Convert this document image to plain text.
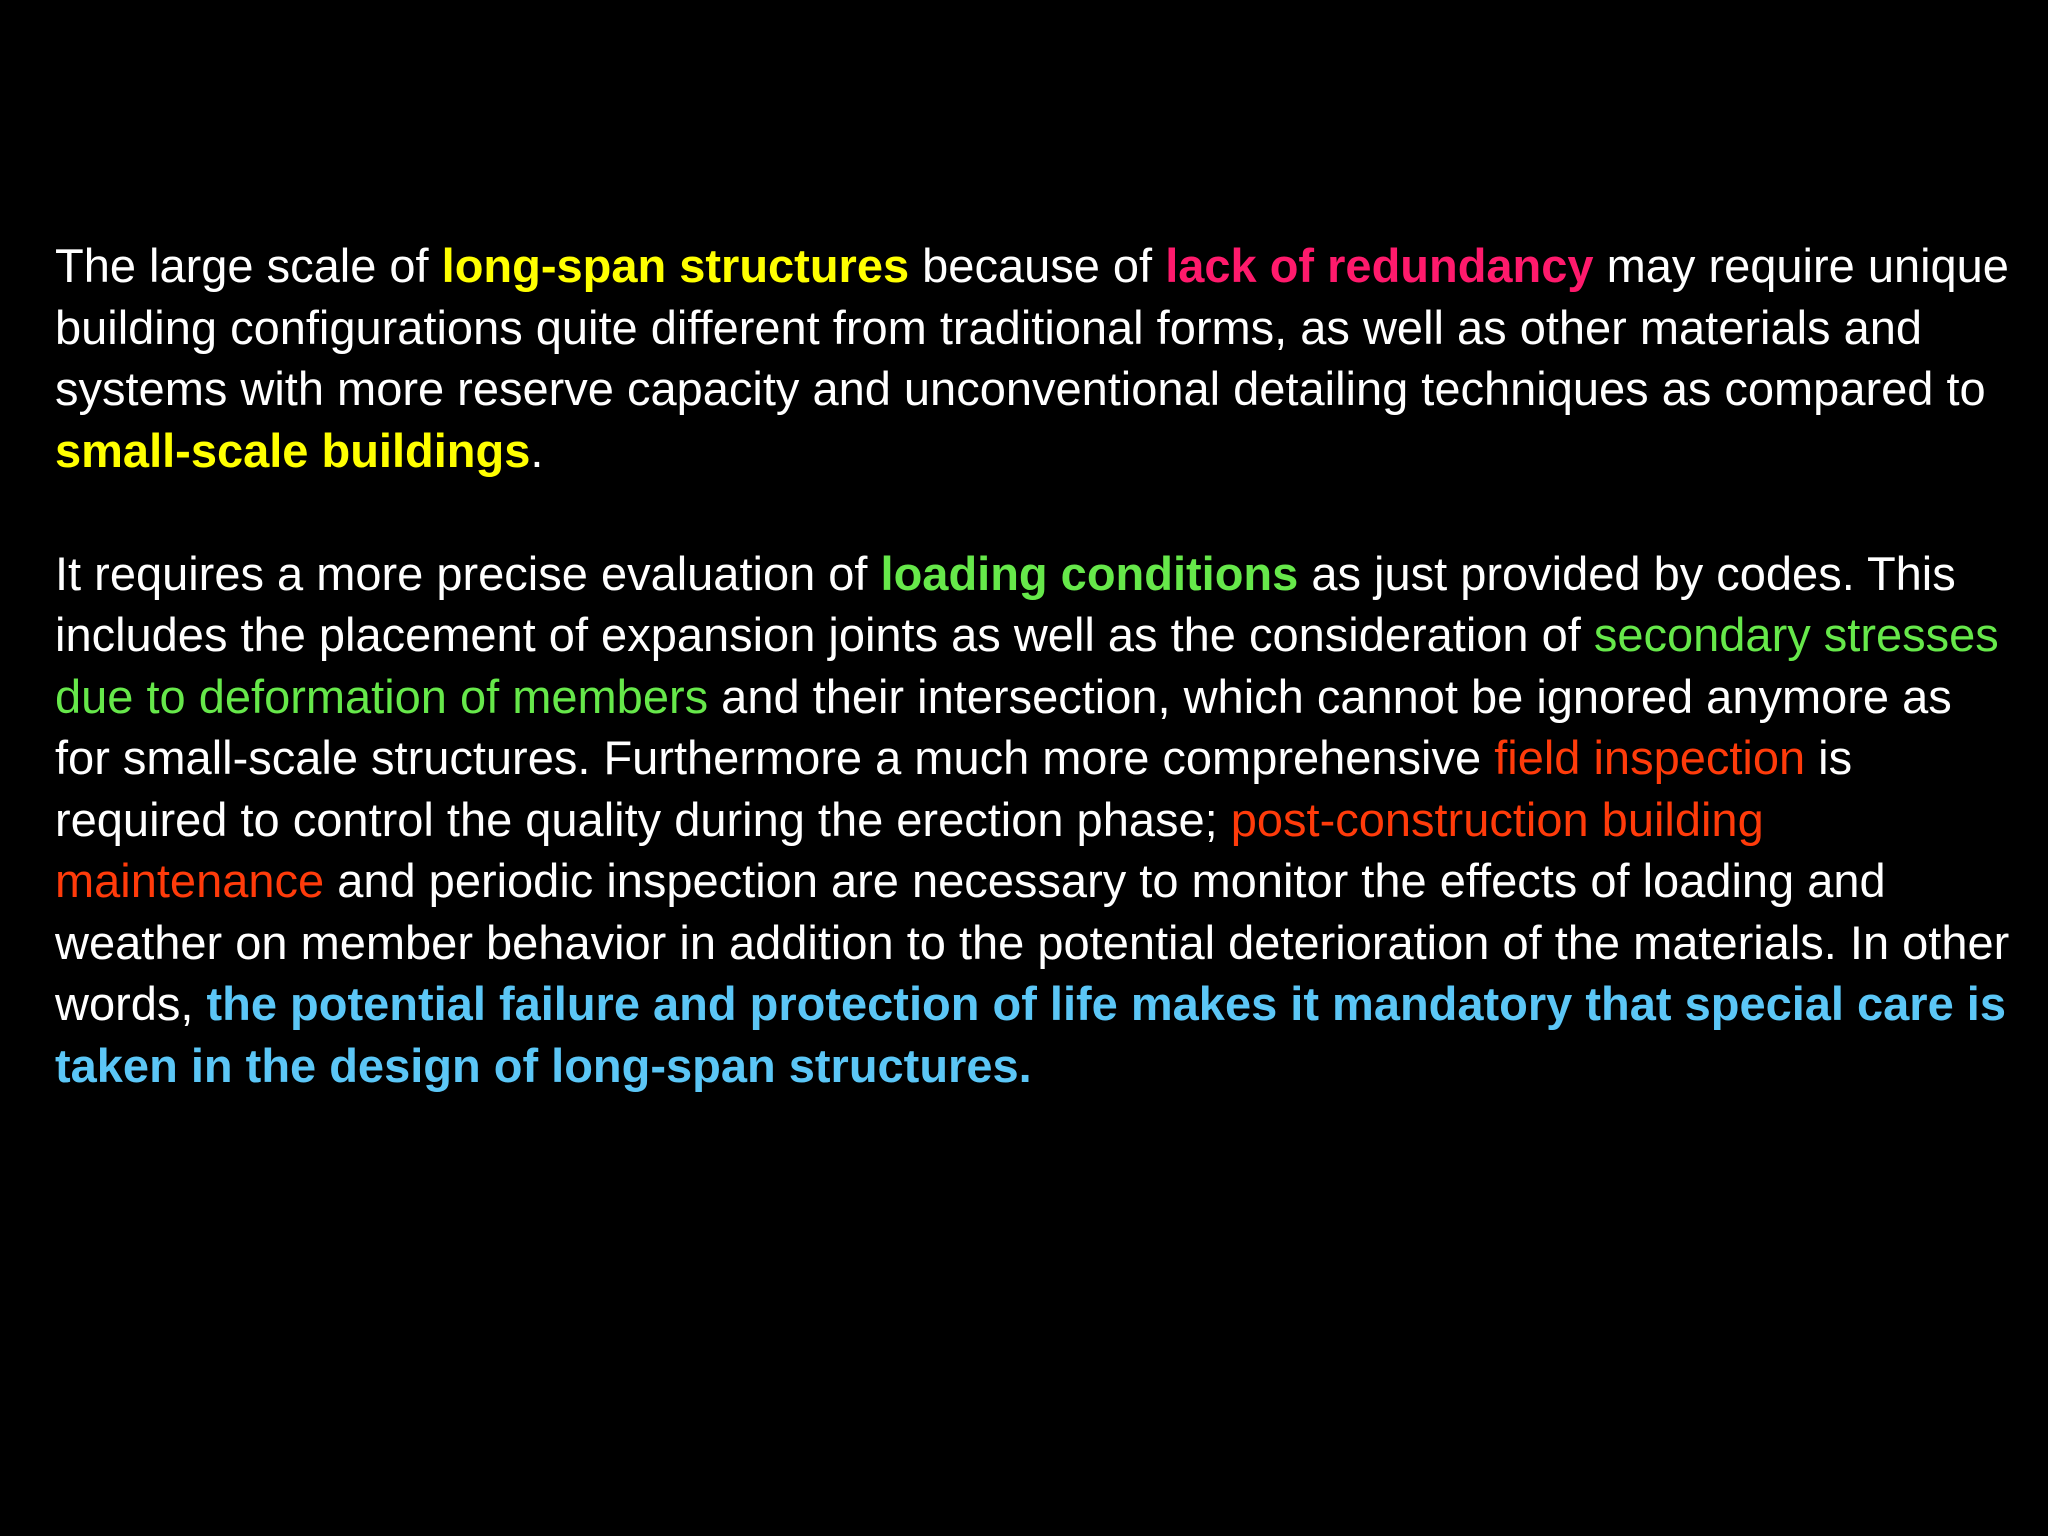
The large scale of long-span structures because of lack of redundancy may require unique building configurations quite different from traditional forms, as well as other materials and systems with more reserve capacity and unconventional detailing techniques as compared to small-scale buildings.

It requires a more precise evaluation of loading conditions as just provided by codes. This includes the placement of expansion joints as well as the consideration of secondary stresses due to deformation of members and their intersection, which cannot be ignored anymore as for small-scale structures. Furthermore a much more comprehensive field inspection is required to control the quality during the erection phase; post-construction building maintenance and periodic inspection are necessary to monitor the effects of loading and weather on member behavior in addition to the potential deterioration of the materials. In other words, the potential failure and protection of life makes it mandatory that special care is taken in the design of long-span structures.
